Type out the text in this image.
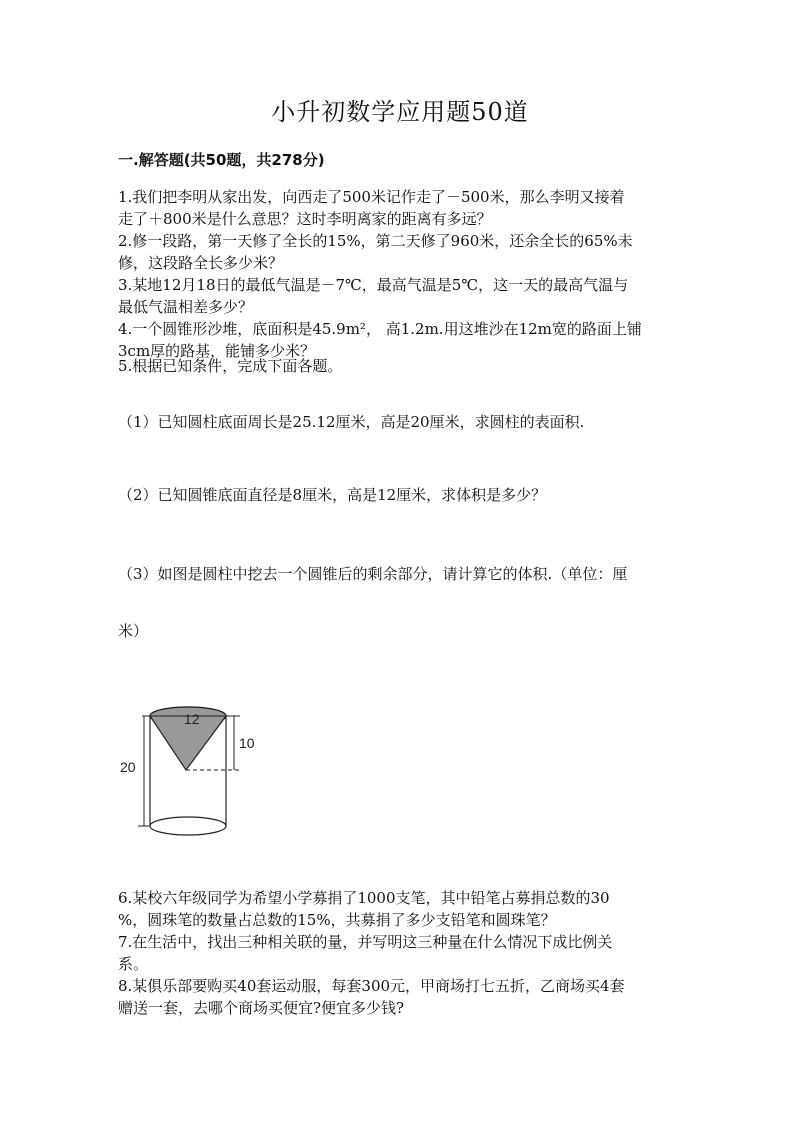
小升初数学应用题50道
一.解答题(共50题，共278分)
1.我们把李明从家出发，向西走了500米记作走了－500米，那么李明又接着
走了＋800米是什么意思？这时李明离家的距离有多远？
2.修一段路，第一天修了全长的15%，第二天修了960米，还余全长的65%未
修，这段路全长多少米？
3.某地12月18日的最低气温是－7℃，最高气温是5℃，这一天的最高气温与
最低气温相差多少？
4.一个圆锥形沙堆，底面积是45.9m²， 高1.2m.用这堆沙在12m宽的路面上铺
3cm厚的路基，能铺多少米？
5.根据已知条件，完成下面各题。
（1）已知圆柱底面周长是25.12厘米，高是20厘米，求圆柱的表面积.
（2）已知圆锥底面直径是8厘米，高是12厘米，求体积是多少？
（3）如图是圆柱中挖去一个圆锥后的剩余部分，请计算它的体积.（单位：厘
米）
12
10
20
6.某校六年级同学为希望小学募捐了1000支笔，其中铅笔占募捐总数的30
%，圆珠笔的数量占总数的15%，共募捐了多少支铅笔和圆珠笔？
7.在生活中，找出三种相关联的量，并写明这三种量在什么情况下成比例关
系。
8.某俱乐部要购买40套运动服，每套300元，甲商场打七五折，乙商场买4套
赠送一套，去哪个商场买便宜?便宜多少钱?
